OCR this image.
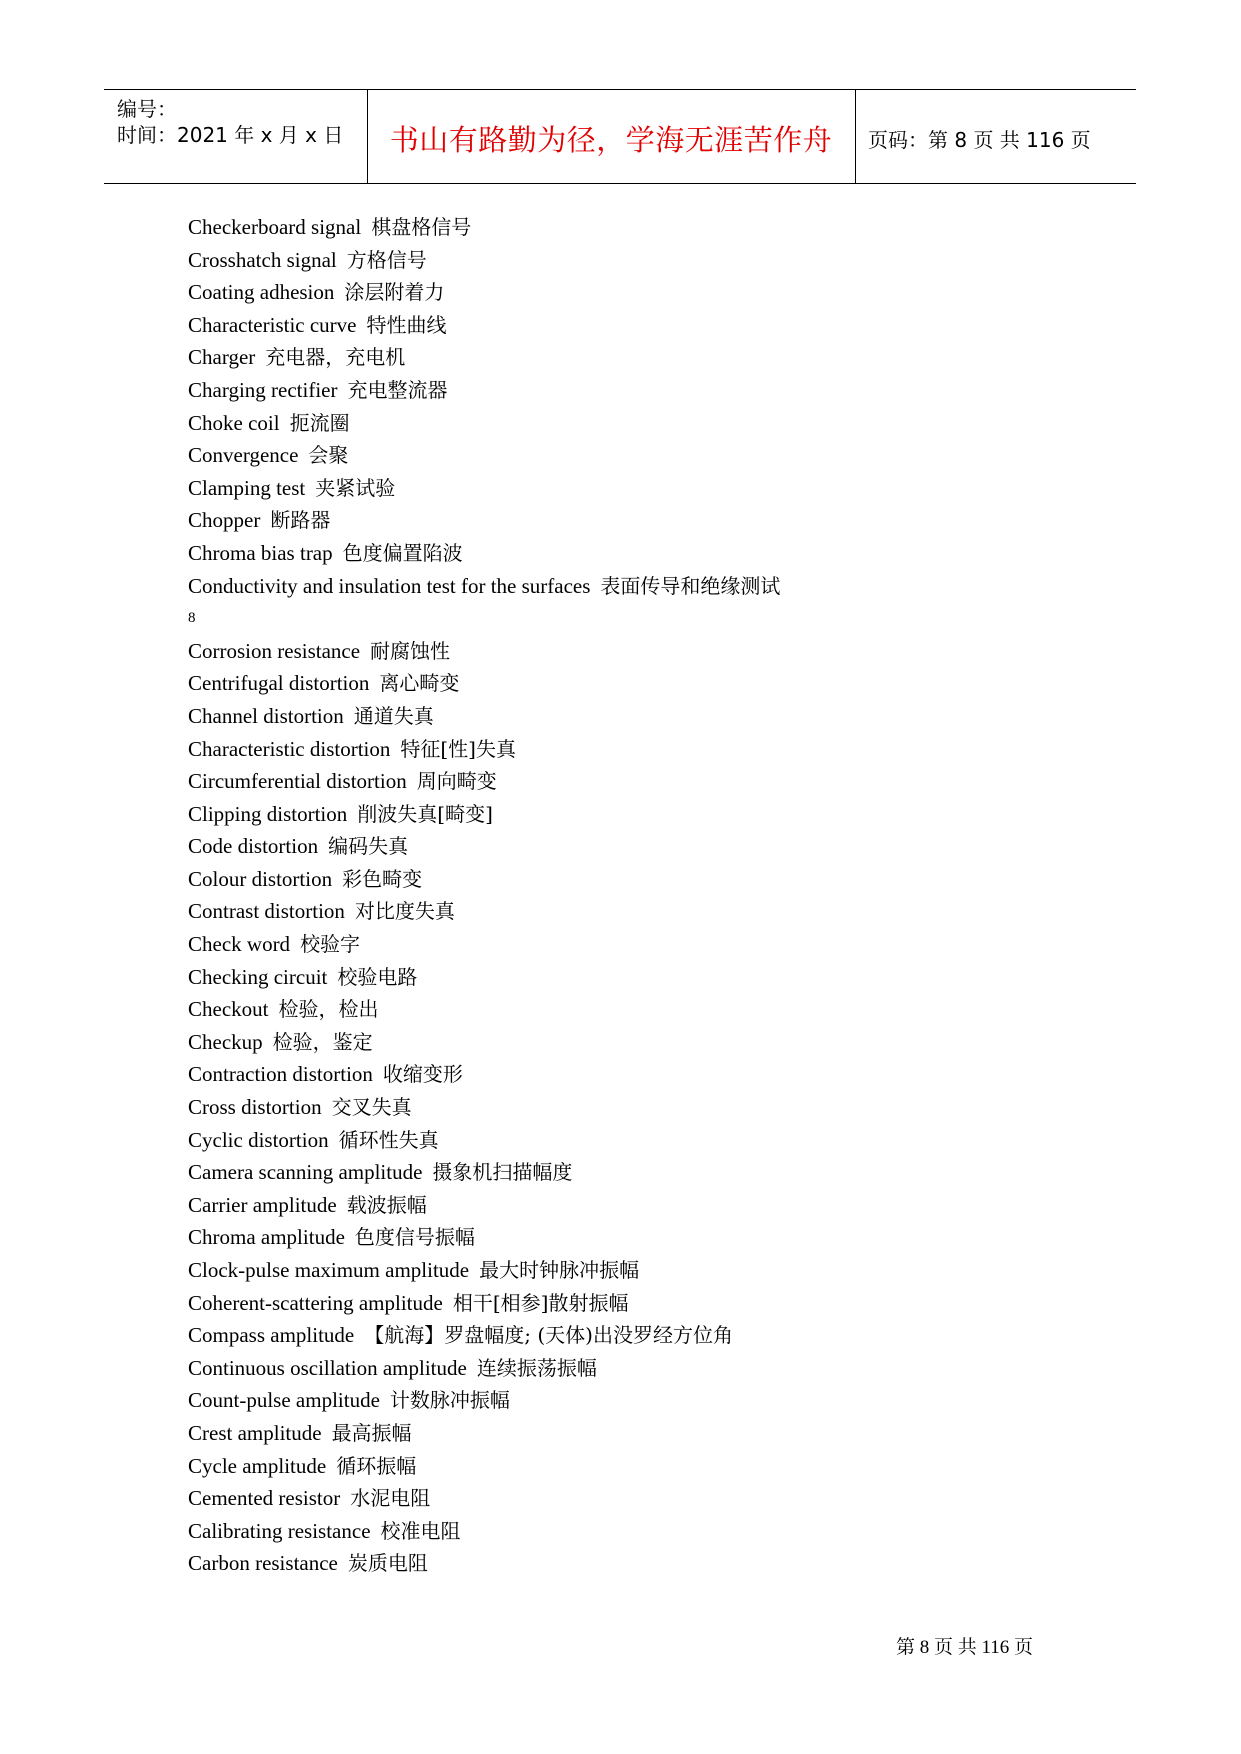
编号：
时间：2021 年 x 月 x 日	书山有路勤为径，学海无涯苦作舟	页码：第 8 页 共 116 页
Checkerboard signal 棋盘格信号
Crosshatch signal 方格信号
Coating adhesion 涂层附着力
Characteristic curve 特性曲线
Charger 充电器，充电机
Charging rectifier 充电整流器
Choke coil 扼流圈
Convergence 会聚
Clamping test 夹紧试验
Chopper 断路器
Chroma bias trap 色度偏置陷波
Conductivity and insulation test for the surfaces 表面传导和绝缘测试
8
Corrosion resistance 耐腐蚀性
Centrifugal distortion 离心畸变
Channel distortion 通道失真
Characteristic distortion 特征[性]失真
Circumferential distortion 周向畸变
Clipping distortion 削波失真[畸变]
Code distortion 编码失真
Colour distortion 彩色畸变
Contrast distortion 对比度失真
Check word 校验字
Checking circuit 校验电路
Checkout 检验，检出
Checkup 检验，鉴定
Contraction distortion 收缩变形
Cross distortion 交叉失真
Cyclic distortion 循环性失真
Camera scanning amplitude 摄象机扫描幅度
Carrier amplitude 载波振幅
Chroma amplitude 色度信号振幅
Clock-pulse maximum amplitude 最大时钟脉冲振幅
Coherent-scattering amplitude 相干[相参]散射振幅
Compass amplitude 【航海】罗盘幅度; (天体)出没罗经方位角
Continuous oscillation amplitude 连续振荡振幅
Count-pulse amplitude 计数脉冲振幅
Crest amplitude 最高振幅
Cycle amplitude 循环振幅
Cemented resistor 水泥电阻
Calibrating resistance 校准电阻
Carbon resistance 炭质电阻
第 8 页 共 116 页
